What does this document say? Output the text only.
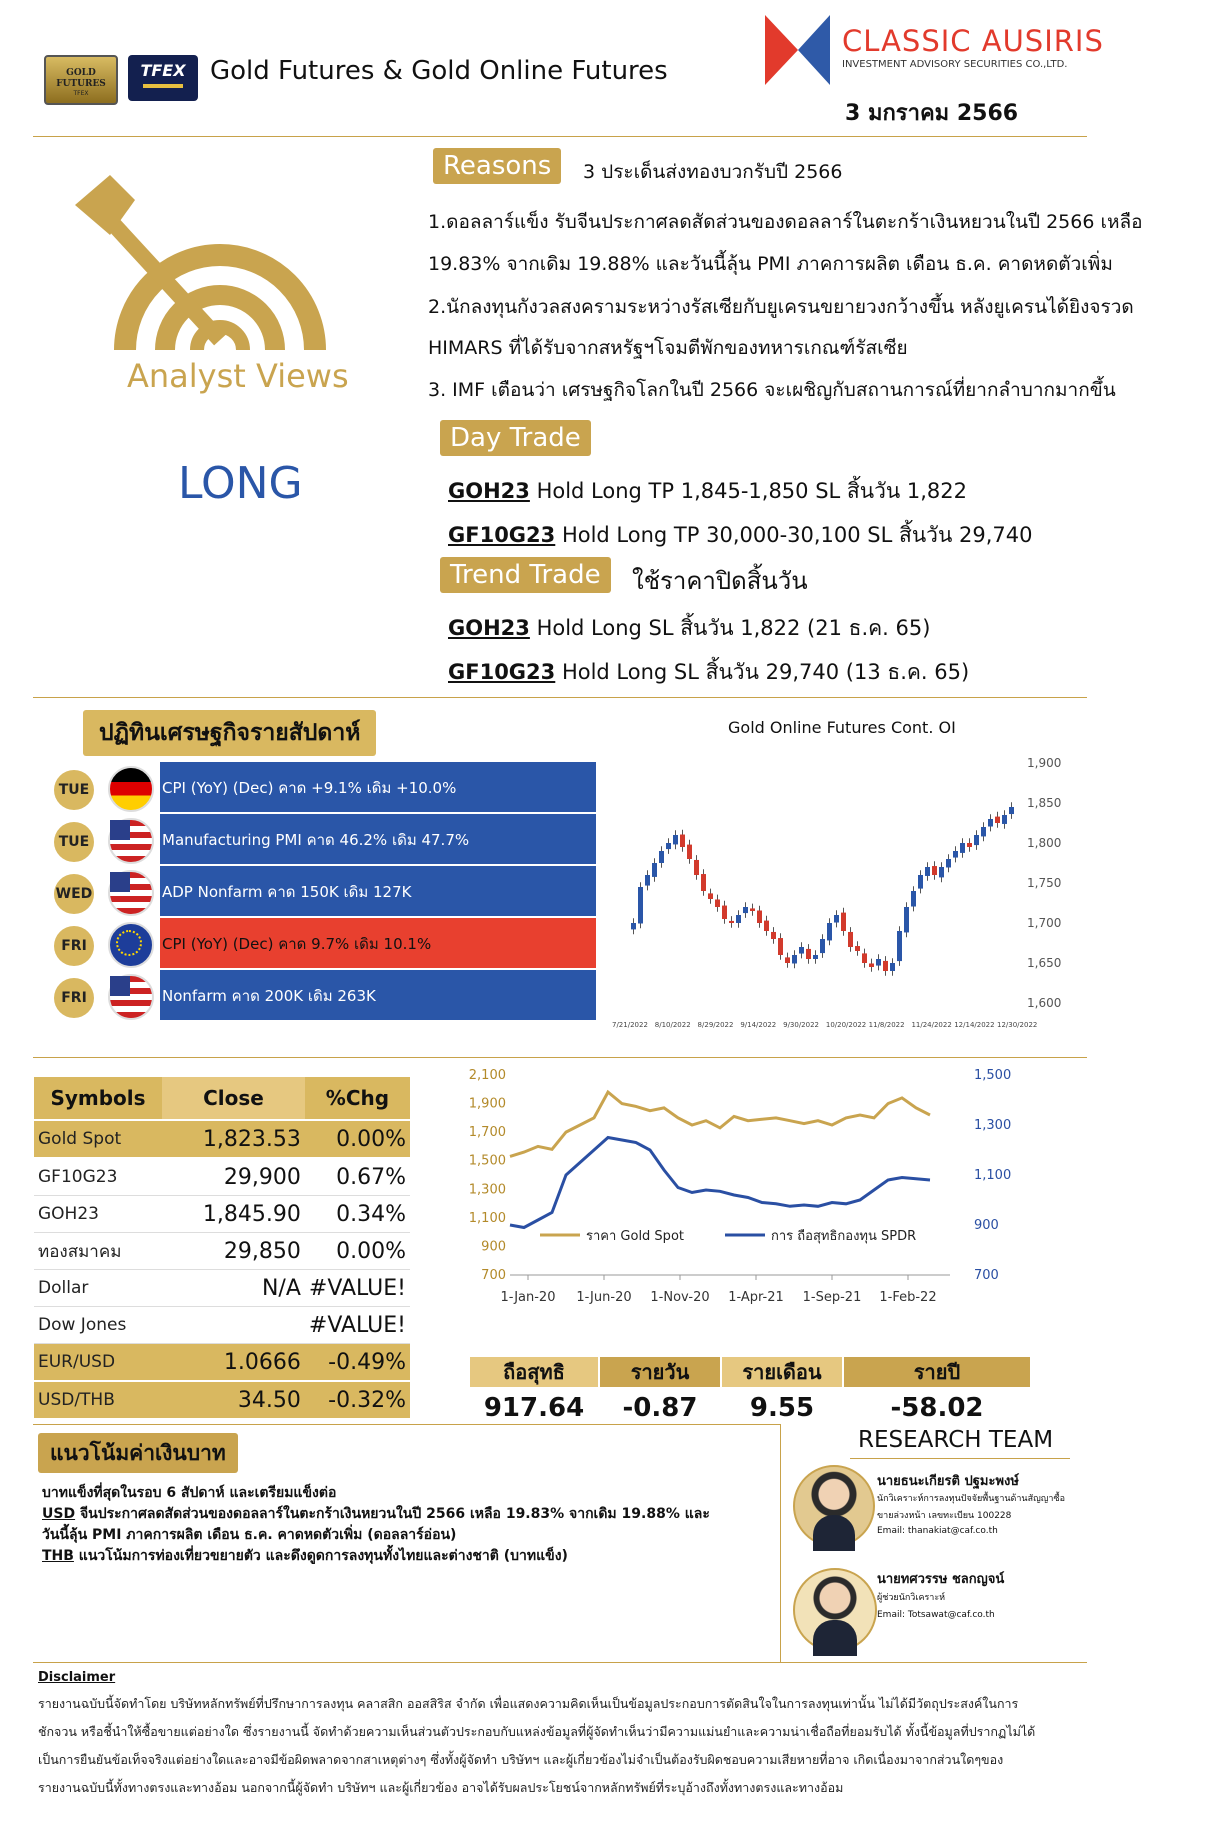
GOLD FUTURES
TFEX
TFEX Gold Futures & Gold Online Futures
CLASSIC AUSIRIS
INVESTMENT ADVISORY SECURITIES CO.,LTD.
3 มกราคม 2566
Analyst Views
LONG
Reasons	3 ประเด็นส่งทองบวกรับปี 2566
1.ดอลลาร์แข็ง รับจีนประกาศลดสัดส่วนของดอลลาร์ในตะกร้าเงินหยวนในปี 2566 เหลือ
19.83% จากเดิม 19.88% และวันนี้ลุ้น PMI ภาคการผลิต เดือน ธ.ค. คาดหดตัวเพิ่ม
2.นักลงทุนกังวลสงครามระหว่างรัสเซียกับยูเครนขยายวงกว้างขึ้น หลังยูเครนได้ยิงจรวด
HIMARS ที่ได้รับจากสหรัฐฯโจมตีพักของทหารเกณฑ์รัสเซีย
3. IMF เตือนว่า เศรษฐกิจโลกในปี 2566 จะเผชิญกับสถานการณ์ที่ยากลำบากมากขึ้น
Day Trade
GOH23 Hold Long TP 1,845-1,850 SL สิ้นวัน 1,822
GF10G23 Hold Long TP 30,000-30,100 SL สิ้นวัน 29,740
Trend Trade	ใช้ราคาปิดสิ้นวัน
GOH23 Hold Long SL สิ้นวัน 1,822 (21 ธ.ค. 65)
GF10G23 Hold Long SL สิ้นวัน 29,740 (13 ธ.ค. 65)
ปฏิทินเศรษฐกิจรายสัปดาห์
TUE	CPI (YoY) (Dec) คาด +9.1% เดิม +10.0%
TUE	Manufacturing PMI คาด 46.2% เดิม 47.7%
WED	ADP Nonfarm คาด 150K เดิม 127K
FRI	CPI (YoY) (Dec) คาด 9.7% เดิม 10.1%
FRI	Nonfarm คาด 200K เดิม 263K
Gold Online Futures Cont. OI
1,900
1,850
1,800
1,750
1,700
1,650
1,600
7/21/2022 8/10/2022 8/29/2022 9/14/2022 9/30/2022 10/20/2022 11/8/2022 11/24/2022 12/14/2022 12/30/2022
Symbols	Close	%Chg
Gold Spot	1,823.53	0.00%
GF10G23	29,900	0.67%
GOH23	1,845.90	0.34%
ทองสมาคม	29,850	0.00%
Dollar	N/A	#VALUE!
Dow Jones		#VALUE!
EUR/USD	1.0666	-0.49%
USD/THB	34.50	-0.32%
2,100
1,900
1,700
1,500
1,300
1,100
900
700
1,500
1,300
1,100
900
700
1-Jan-20 1-Jun-20 1-Nov-20 1-Apr-21 1-Sep-21 1-Feb-22
ราคา Gold Spot	การ ถือสุทธิกองทุน SPDR
ถือสุทธิ	รายวัน	รายเดือน	รายปี
917.64	-0.87	9.55	-58.02
แนวโน้มค่าเงินบาท
บาทแข็งที่สุดในรอบ 6 สัปดาห์ และเตรียมแข็งต่อ
USD จีนประกาศลดสัดส่วนของดอลลาร์ในตะกร้าเงินหยวนในปี 2566 เหลือ 19.83% จากเดิม 19.88% และ
วันนี้ลุ้น PMI ภาคการผลิต เดือน ธ.ค. คาดหดตัวเพิ่ม (ดอลลาร์อ่อน)
THB แนวโน้มการท่องเที่ยวขยายตัว และดึงดูดการลงทุนทั้งไทยและต่างชาติ (บาทแข็ง)
RESEARCH TEAM
นายธนะเกียรติ ปฐมะพงษ์
นักวิเคราะห์การลงทุนปัจจัยพื้นฐานด้านสัญญาซื้อ
ขายล่วงหน้า เลขทะเบียน 100228
Email: thanakiat@caf.co.th
นายทศวรรษ ชลกญจน์
ผู้ช่วยนักวิเคราะห์
Email: Totsawat@caf.co.th
Disclaimer
รายงานฉบับนี้จัดทำโดย บริษัทหลักทรัพย์ที่ปรึกษาการลงทุน คลาสสิก ออสสิริส จำกัด เพื่อแสดงความคิดเห็นเป็นข้อมูลประกอบการตัดสินใจในการลงทุนเท่านั้น ไม่ได้มีวัตถุประสงค์ในการ
ชักจวน หรือชี้นำให้ซื้อขายแต่อย่างใด ซึ่งรายงานนี้ จัดทำด้วยความเห็นส่วนตัวประกอบกับแหล่งข้อมูลที่ผู้จัดทำเห็นว่ามีความแม่นยำและความน่าเชื่อถือที่ยอมรับได้ ทั้งนี้ข้อมูลที่ปรากฏไม่ได้
เป็นการยืนยันข้อเท็จจริงแต่อย่างใดและอาจมีข้อผิดพลาดจากสาเหตุต่างๆ ซึ่งทั้งผู้จัดทำ บริษัทฯ และผู้เกี่ยวข้องไม่จำเป็นต้องรับผิดชอบความเสียหายที่อาจ เกิดเนื่องมาจากส่วนใดๆของ
รายงานฉบับนี้ทั้งทางตรงและทางอ้อม นอกจากนี้ผู้จัดทำ บริษัทฯ และผู้เกี่ยวข้อง อาจได้รับผลประโยชน์จากหลักทรัพย์ที่ระบุอ้างถึงทั้งทางตรงและทางอ้อม
